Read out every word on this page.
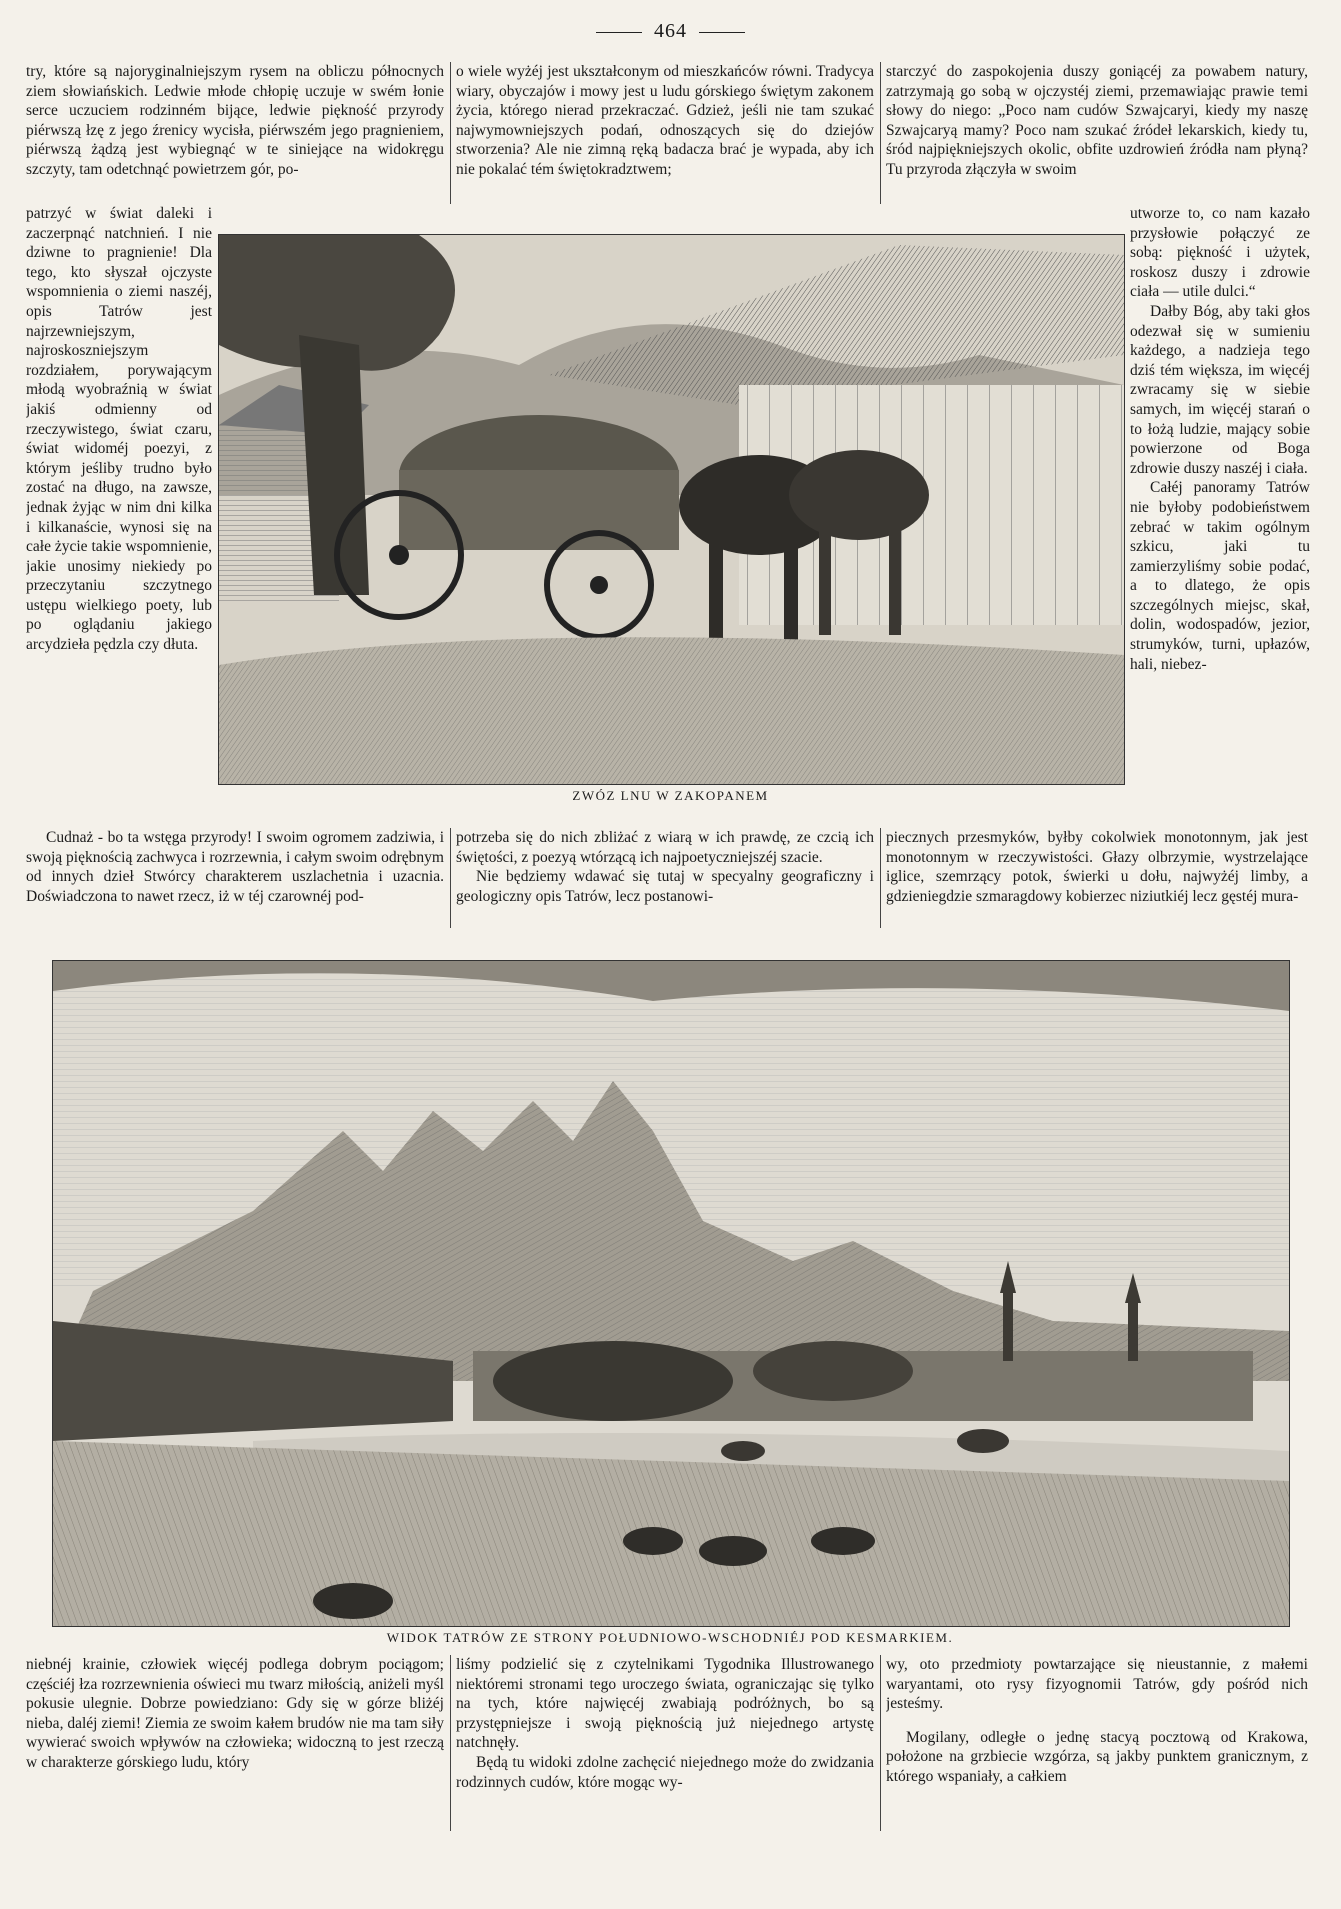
464

try, które są najoryginalniejszym rysem na obliczu północnych ziem słowiańskich. Ledwie młode chłopię uczuje w swém łonie serce uczuciem rodzinném bijące, ledwie piękność przyrody piérwszą łzę z jego źrenicy wycisła, piérwszém jego pragnieniem, piérwszą żądzą jest wybiegnąć w te siniejące na widokręgu szczyty, tam odetchnąć powietrzem gór, po-

o wiele wyżéj jest ukształconym od mieszkańców równi. Tradycya wiary, obyczajów i mowy jest u ludu górskiego świętym zakonem życia, którego nierad przekraczać. Gdzież, jeśli nie tam szukać najwymowniejszych podań, odnoszących się do dziejów stworzenia? Ale nie zimną ręką badacza brać je wypada, aby ich nie pokalać tém świętokradztwem;

starczyć do zaspokojenia duszy goniącéj za powabem natury, zatrzymają go sobą w ojczystéj ziemi, przemawiając prawie temi słowy do niego: „Poco nam cudów Szwajcaryi, kiedy my naszę Szwajcaryą mamy? Poco nam szukać źródeł lekarskich, kiedy tu, śród najpiękniejszych okolic, obfite uzdrowień źródła nam płyną? Tu przyroda złączyła w swoim

patrzyć w świat daleki i zaczerpnąć natchnień. I nie dziwne to pragnienie! Dla tego, kto słyszał ojczyste wspomnienia o ziemi naszéj, opis Tatrów jest najrzewniejszym, najroskoszniejszym rozdziałem, porywającym młodą wyobraźnią w świat jakiś odmienny od rzeczywistego, świat czaru, świat widoméj poezyi, z którym jeśliby trudno było zostać na długo, na zawsze, jednak żyjąc w nim dni kilka i kilkanaście, wynosi się na całe życie takie wspomnienie, jakie unosimy niekiedy po przeczytaniu szczytnego ustępu wielkiego poety, lub po oglądaniu jakiego arcydzieła pędzla czy dłuta.

ZWÓZ LNU W ZAKOPANEM

utworze to, co nam kazało przysłowie połączyć ze sobą: piękność i użytek, roskosz duszy i zdrowie ciała — utile dulci.“

Dałby Bóg, aby taki głos odezwał się w sumieniu każdego, a nadzieja tego dziś tém większa, im więcéj zwracamy się w siebie samych, im więcéj starań o to łożą ludzie, mający sobie powierzone od Boga zdrowie duszy naszéj i ciała.

Całéj panoramy Tatrów nie byłoby podobieństwem zebrać w takim ogólnym szkicu, jaki tu zamierzyliśmy sobie podać, a to dlatego, że opis szczególnych miejsc, skał, dolin, wodospadów, jezior, strumyków, turni, upłazów, hali, niebez-

Cudnaż - bo ta wstęga przyrody! I swoim ogromem zadziwia, i swoją pięknością zachwyca i rozrzewnia, i całym swoim odrębnym od innych dzieł Stwórcy charakterem uszlachetnia i uzacnia. Doświadczona to nawet rzecz, iż w téj czarownéj pod-

potrzeba się do nich zbliżać z wiarą w ich prawdę, ze czcią ich świętości, z poezyą wtórzącą ich najpoetyczniejszéj szacie.

Nie będziemy wdawać się tutaj w specyalny geograficzny i geologiczny opis Tatrów, lecz postanowi-

piecznych przesmyków, byłby cokolwiek monotonnym, jak jest monotonnym w rzeczywistości. Głazy olbrzymie, wystrzelające iglice, szemrzący potok, świerki u dołu, najwyżéj limby, a gdzieniegdzie szmaragdowy kobierzec niziutkiéj lecz gęstéj mura-

WIDOK TATRÓW ZE STRONY POŁUDNIOWO-WSCHODNIÉJ POD KESMARKIEM.

niebnéj krainie, człowiek więcéj podlega dobrym pociągom; częściéj łza rozrzewnienia oświeci mu twarz miłością, aniżeli myśl pokusie ulegnie. Dobrze powiedziano: Gdy się w górze bliżéj nieba, daléj ziemi! Ziemia ze swoim kałem brudów nie ma tam siły wywierać swoich wpływów na człowieka; widoczną to jest rzeczą w charakterze górskiego ludu, który

liśmy podzielić się z czytelnikami Tygodnika Illustrowanego niektóremi stronami tego uroczego świata, ograniczając się tylko na tych, które najwięcéj zwabiają podróżnych, bo są przystępniejsze i swoją pięknością już niejednego artystę natchnęły.

Będą tu widoki zdolne zachęcić niejednego może do zwidzania rodzinnych cudów, które mogąc wy-

wy, oto przedmioty powtarzające się nieustannie, z małemi waryantami, oto rysy fizyognomii Tatrów, gdy pośród nich jesteśmy.

Mogilany, odległe o jednę stacyą pocztową od Krakowa, położone na grzbiecie wzgórza, są jakby punktem granicznym, z którego wspaniały, a całkiem
